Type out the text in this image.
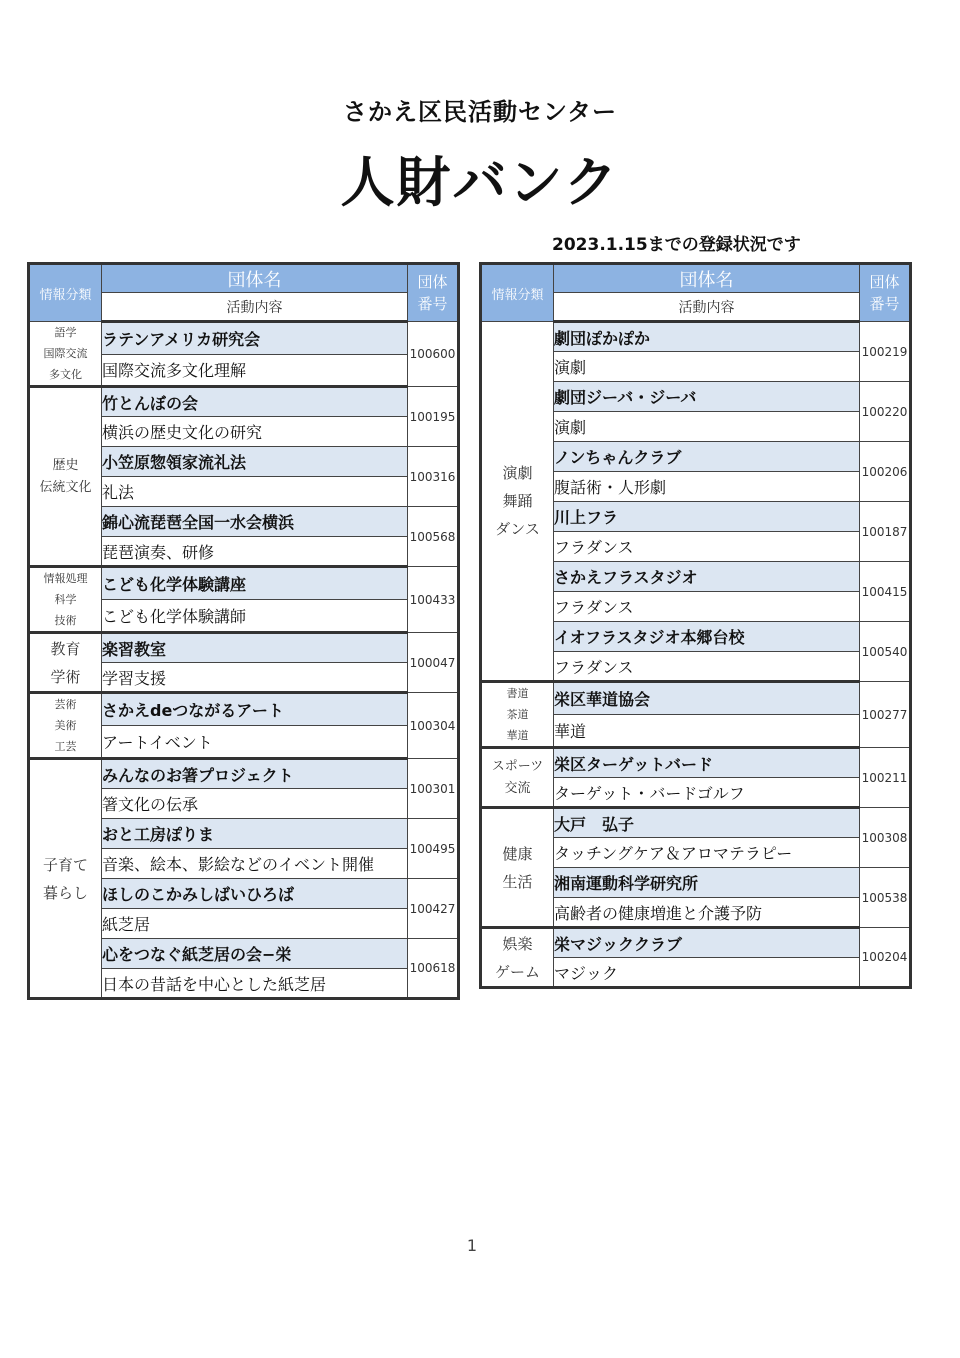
さかえ区民活動センター
人財バンク
2023.1.15までの登録状況です
情報分類	団体名	団体
番号
	活動内容	

語学
国際交流
多文化	ラテンアメリカ研究会	100600
	国際交流多文化理解	

歴史
伝統文化	竹とんぼの会	100195
	横浜の歴史文化の研究	
	小笠原惣領家流礼法	100316
	礼法	
	錦心流琵琶全国一水会横浜	100568
	琵琶演奏、研修	

情報処理
科学
技術	こども化学体験講座	100433
	こども化学体験講師	

教育
学術	楽習教室	100047
	学習支援	

芸術
美術
工芸	さかえdeつながるアート	100304
	アートイベント	

子育て
暮らし	みんなのお箸プロジェクト	100301
	箸文化の伝承	
	おと工房ぽりま	100495
	音楽、絵本、影絵などのイベント開催	
	ほしのこかみしばいひろば	100427
	紙芝居	
	心をつなぐ紙芝居の会−栄	100618
	日本の昔話を中心とした紙芝居	
情報分類	団体名	団体
番号
	活動内容	

演劇
舞踊
ダンス	劇団ぽかぽか	100219
	演劇	
	劇団ジーバ・ジーバ	100220
	演劇	
	ノンちゃんクラブ	100206
	腹話術・人形劇	
	川上フラ	100187
	フラダンス	
	さかえフラスタジオ	100415
	フラダンス	
	イオフラスタジオ本郷台校	100540
	フラダンス	

書道
茶道
華道	栄区華道協会	100277
	華道	

スポーツ
交流	栄区ターゲットバード	100211
	ターゲット・バードゴルフ	

健康
生活	大戸　弘子	100308
	タッチングケア＆アロマテラピー	
	湘南運動科学研究所	100538
	高齢者の健康増進と介護予防	

娯楽
ゲーム	栄マジッククラブ	100204
	マジック	
1
